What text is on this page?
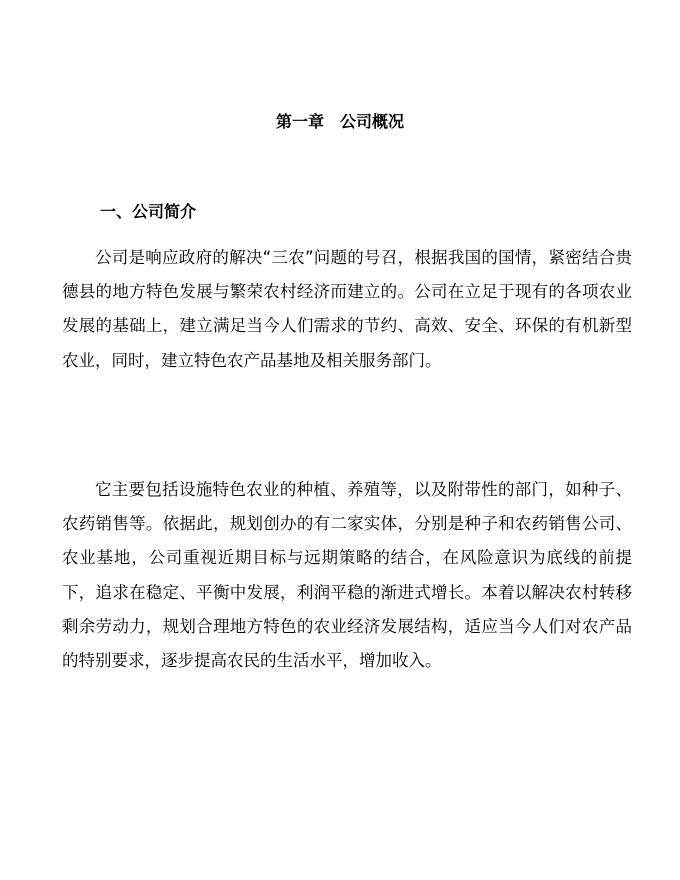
第一章　公司概况
一、公司简介

公司是响应政府的解决“三农”问题的号召，根据我国的国情，紧密结合贵德县的地方特色发展与繁荣农村经济而建立的。公司在立足于现有的各项农业发展的基础上，建立满足当今人们需求的节约、高效、安全、环保的有机新型农业，同时，建立特色农产品基地及相关服务部门。

它主要包括设施特色农业的种植、养殖等，以及附带性的部门，如种子、农药销售等。依据此，规划创办的有二家实体，分别是种子和农药销售公司、农业基地，公司重视近期目标与远期策略的结合，在风险意识为底线的前提下，追求在稳定、平衡中发展，利润平稳的渐进式增长。本着以解决农村转移剩余劳动力，规划合理地方特色的农业经济发展结构，适应当今人们对农产品的特别要求，逐步提高农民的生活水平，增加收入。
